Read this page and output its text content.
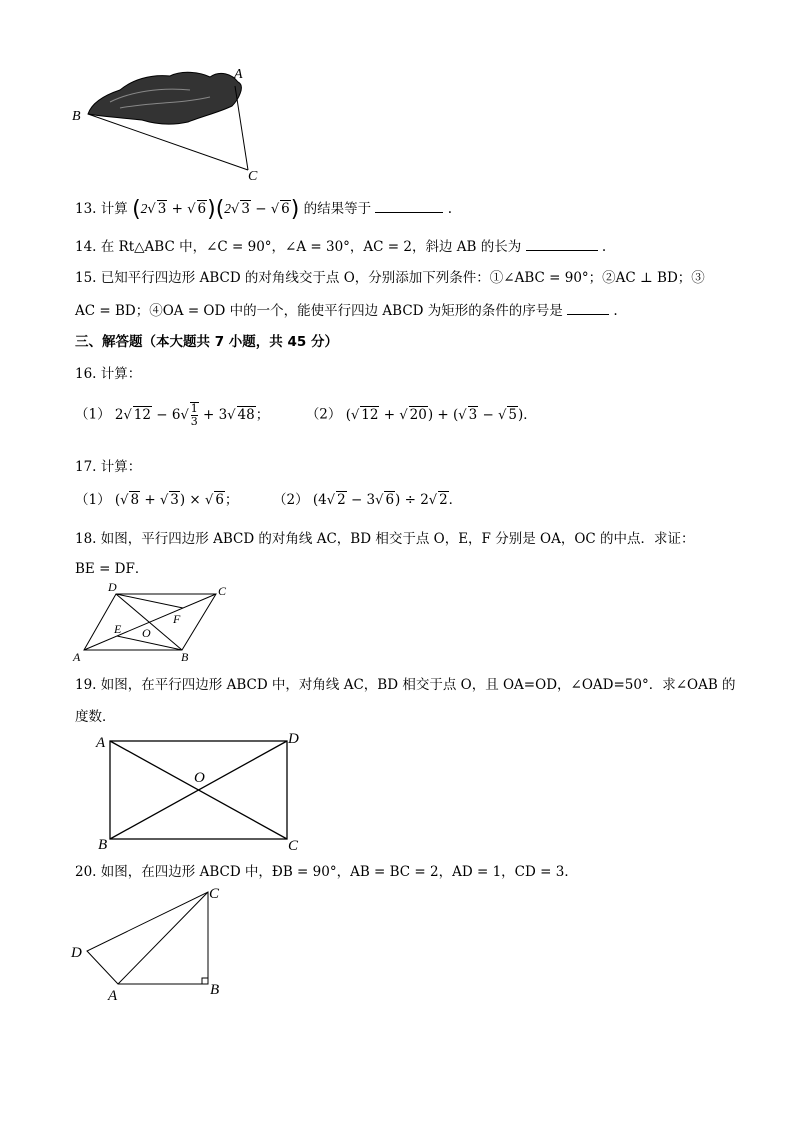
A
B
C
13. 计算 (2√ 3 + √ 6)(2√ 3 − √ 6) 的结果等于	.
14. 在 Rt△ABC 中，∠C = 90°，∠A = 30°，AC = 2，斜边 AB 的长为	.
15. 已知平行四边形 ABCD 的对角线交于点 O，分别添加下列条件：①∠ABC = 90°；②AC ⊥ BD；③
AC = BD；④OA = OD 中的一个，能使平行四边 ABCD 为矩形的条件的序号是	.
三、解答题（本大题共 7 小题，共 45 分）
16. 计算：
（1） 2√ $12 - 6√ \frac{1}{3} + 3√$ 48；	（2） (√ 12 + √ 20) + (√ 3 − √ 5)．
17. 计算：
（1） (√ 8 + √ 3) × √ 6；	（2） (4√ 2 − 3√ 6) ÷ 2√ 2．
18. 如图，平行四边形 ABCD 的对角线 AC，BD 相交于点 O，E，F 分别是 OA，OC 的中点．求证：
BE = DF．
D	C
A	B
E
F
O
19. 如图，在平行四边形 ABCD 中，对角线 AC，BD 相交于点 O，且 OA=OD，∠OAD=50°．求∠OAB 的
度数．
A	D
B	C
O
20. 如图，在四边形 ABCD 中，ÐB = 90°，AB = BC = 2，AD = 1，CD = 3．
C
D
A	B
